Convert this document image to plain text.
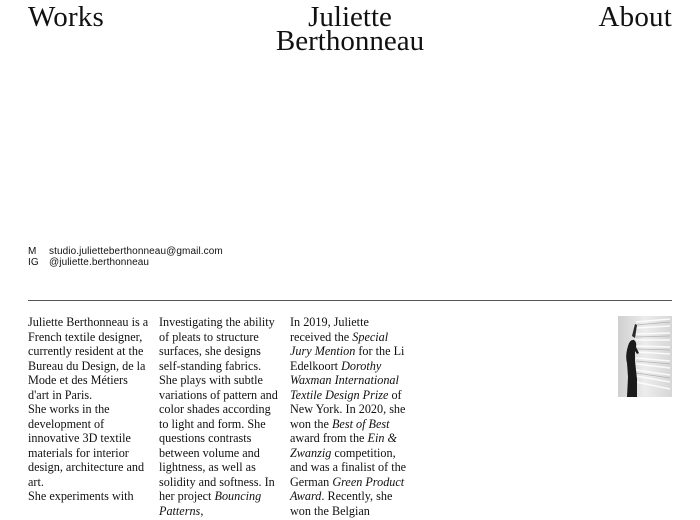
Works	Juliette
Berthonneau
About
M	studio.julietteberthonneau@gmail.com
IG	@juliette.berthonneau

Juliette Berthonneau is a French textile designer, currently resident at the Bureau du Design, de la Mode et des Métiers d'art in Paris.

She works in the development of innovative 3D textile materials for interior design, architecture and art.

She experiments with

Investigating the ability of pleats to structure surfaces, she designs self-standing fabrics. She plays with subtle variations of pattern and color shades according to light and form. She questions contrasts between volume and lightness, as well as solidity and softness. In her project Bouncing Patterns,

In 2019, Juliette received the Special Jury Mention for the Li Edelkoort Dorothy Waxman International Textile Design Prize of New York. In 2020, she won the Best of Best award from the Ein & Zwanzig competition, and was a finalist of the German Green Product Award. Recently, she won the Belgian
